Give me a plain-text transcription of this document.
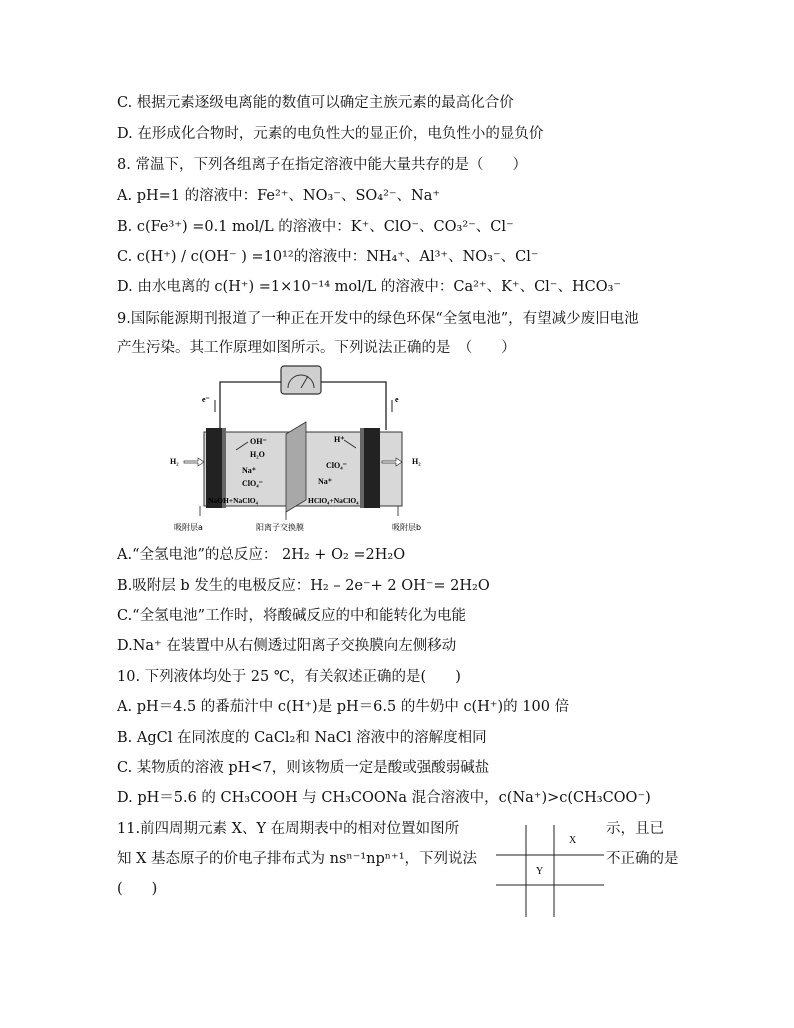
C. 根据元素逐级电离能的数值可以确定主族元素的最高化合价
D. 在形成化合物时，元素的电负性大的显正价，电负性小的显负价
8. 常温下，下列各组离子在指定溶液中能大量共存的是（　　）
A. pH=1 的溶液中：Fe²⁺、NO₃⁻、SO₄²⁻、Na⁺
B. c(Fe³⁺) =0.1 mol/L 的溶液中：K⁺、ClO⁻、CO₃²⁻、Cl⁻
C. c(H⁺) / c(OH⁻ ) =10¹²的溶液中：NH₄⁺、Al³⁺、NO₃⁻、Cl⁻
D. 由水电离的 c(H⁺) =1×10⁻¹⁴ mol/L 的溶液中：Ca²⁺、K⁺、Cl⁻、HCO₃⁻
9.国际能源期刊报道了一种正在开发中的绿色环保“全氢电池”，有望减少废旧电池
产生污染。其工作原理如图所示。下列说法正确的是　（　　）
e⁻	e
H₂	H₂
OH⁻
H₂O
Na⁺
ClO₄⁻
H⁺
ClO₄⁻
Na⁺
NaOH+NaClO₄	HClO₄+NaClO₄
吸附层a	阳离子交换膜	吸附层b
A.“全氢电池”的总反应： 2H₂ + O₂ =2H₂O
B.吸附层 b 发生的电极反应：H₂ – 2e⁻+ 2 OH⁻= 2H₂O
C.“全氢电池”工作时，将酸碱反应的中和能转化为电能
D.Na⁺ 在装置中从右侧透过阳离子交换膜向左侧移动
10. 下列液体均处于 25 ℃，有关叙述正确的是(　　)
A. pH＝4.5 的番茄汁中 c(H⁺)是 pH＝6.5 的牛奶中 c(H⁺)的 100 倍
B. AgCl 在同浓度的 CaCl₂和 NaCl 溶液中的溶解度相同
C. 某物质的溶液 pH<7，则该物质一定是酸或强酸弱碱盐
D. pH＝5.6 的 CH₃COOH 与 CH₃COONa 混合溶液中，c(Na⁺)>c(CH₃COO⁻)
11.前四周期元素 X、Y 在周期表中的相对位置如图所	示，且已
知 X 基态原子的价电子排布式为 nsⁿ⁻¹npⁿ⁺¹，下列说法	不正确的是
(　　)
X
Y
